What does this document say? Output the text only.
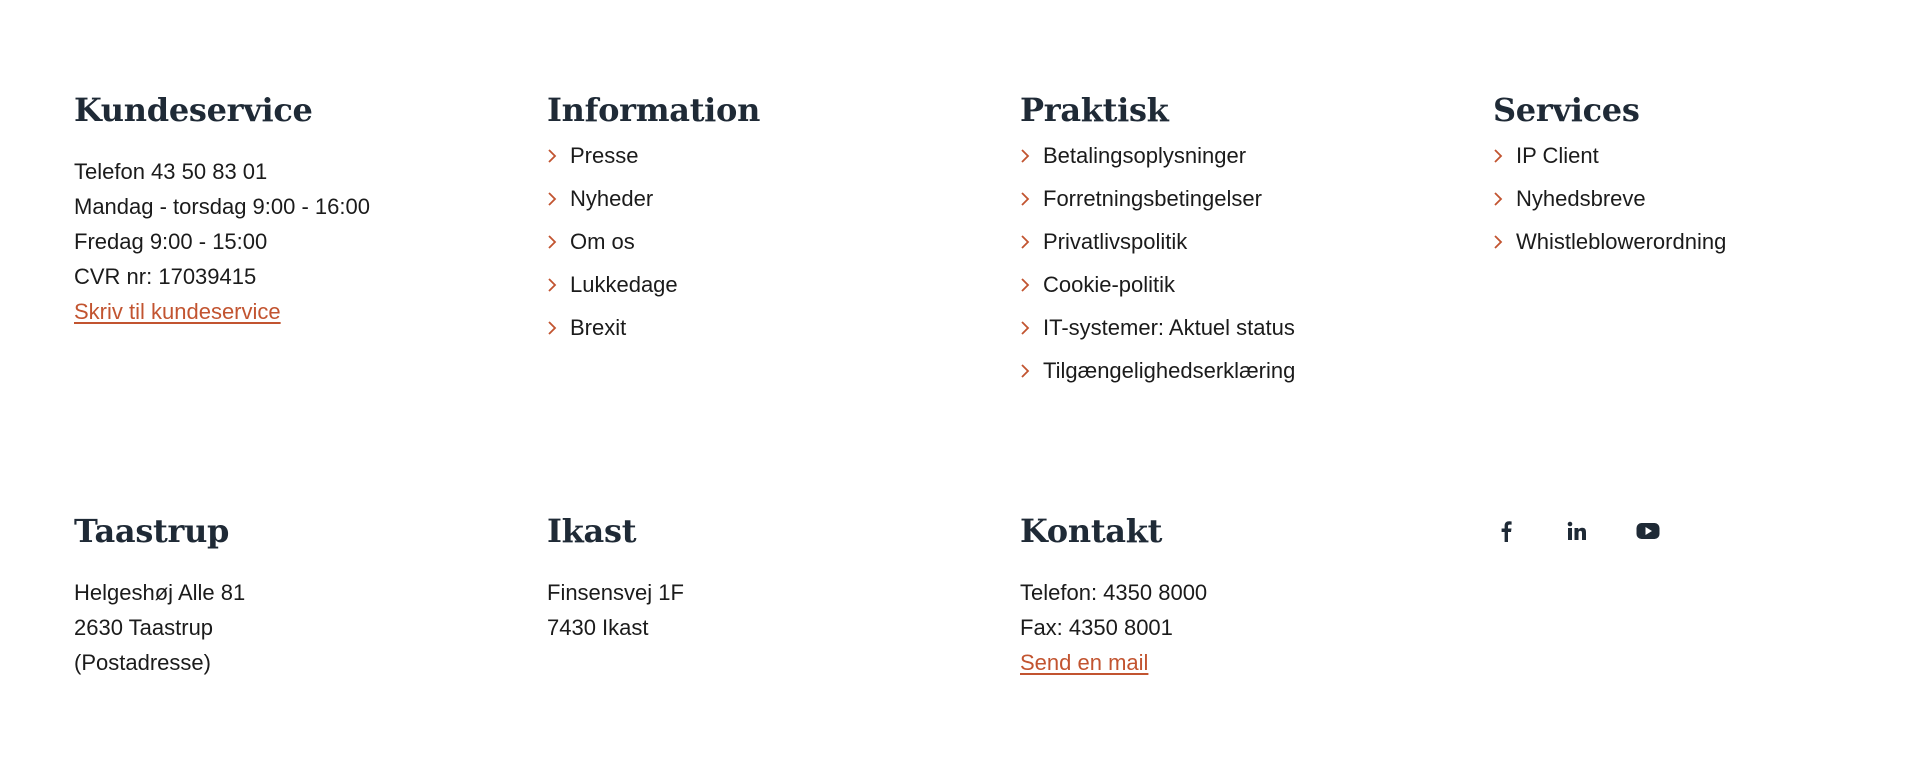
Kundeservice
Telefon 43 50 83 01
Mandag - torsdag 9:00 - 16:00
Fredag 9:00 - 15:00
CVR nr: 17039415
Skriv til kundeservice
Information
Presse
Nyheder
Om os
Lukkedage
Brexit
Praktisk
Betalingsoplysninger
Forretningsbetingelser
Privatlivspolitik
Cookie-politik
IT-systemer: Aktuel status
Tilgængelighedserklæring
Services
IP Client
Nyhedsbreve
Whistleblowerordning
Taastrup
Helgeshøj Alle 81
2630 Taastrup
(Postadresse)
Ikast
Finsensvej 1F
7430 Ikast
Kontakt
Telefon: 4350 8000
Fax: 4350 8001
Send en mail
